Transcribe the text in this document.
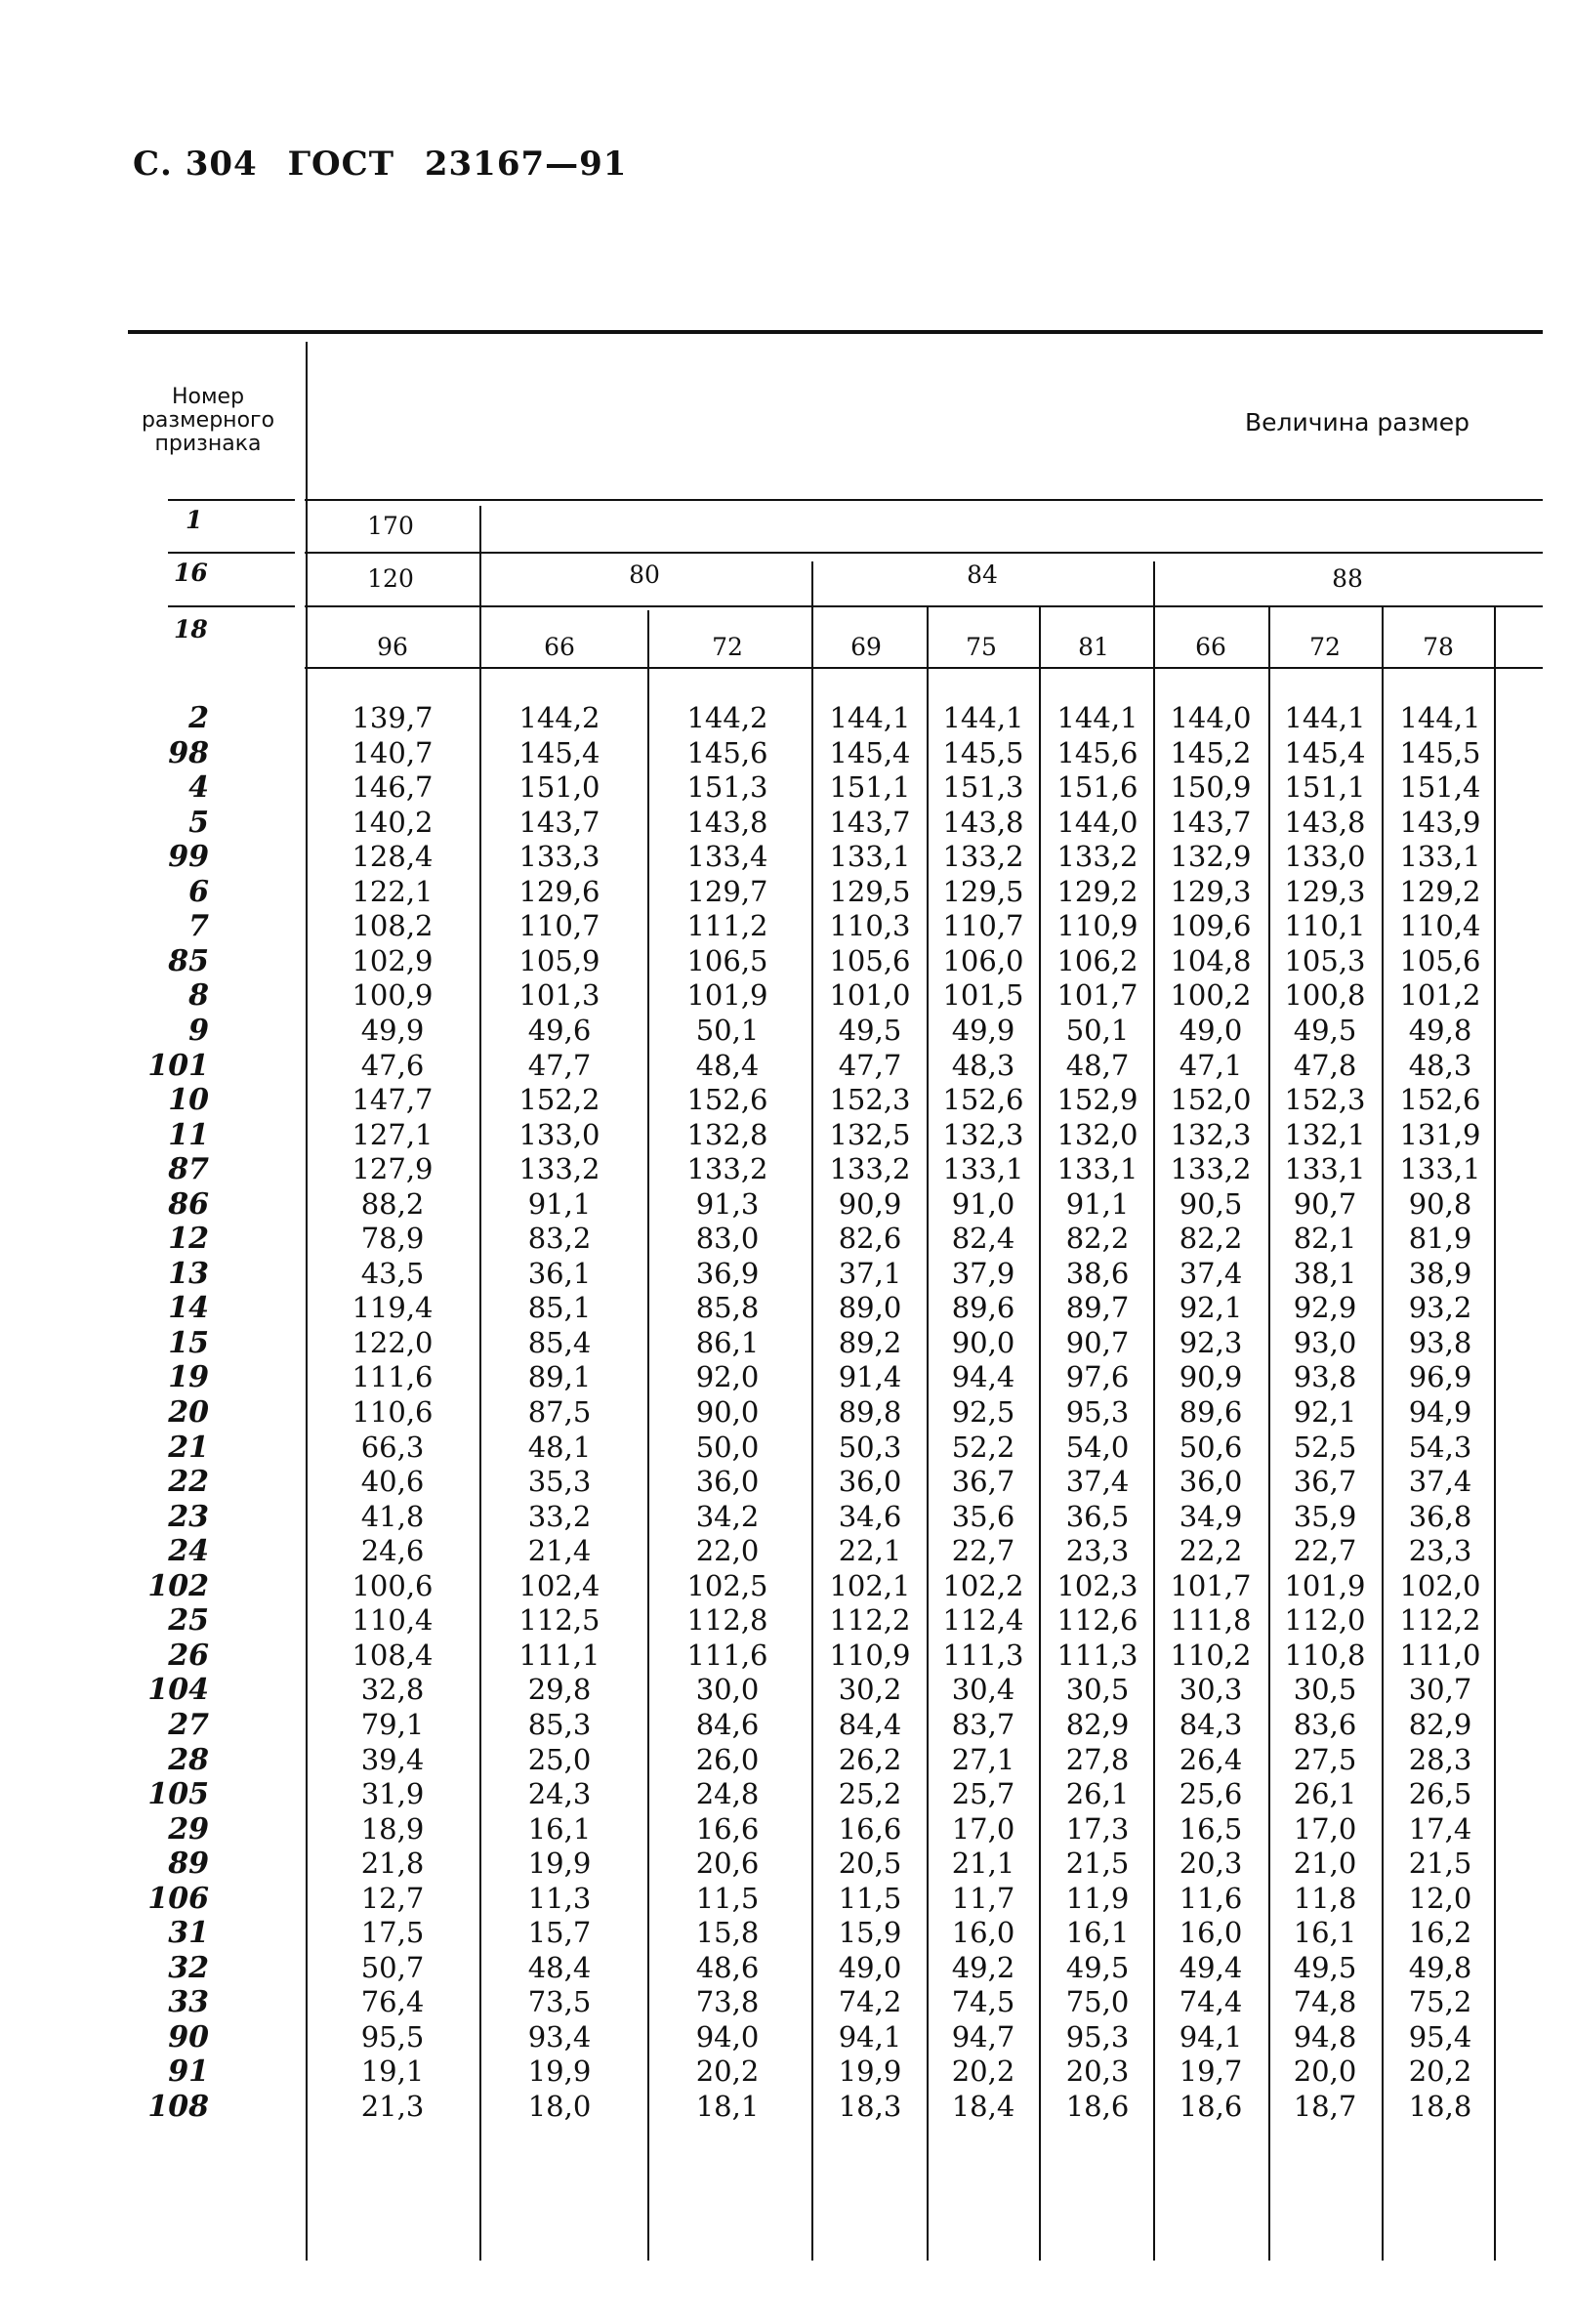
С. 304 ГОСТ 23167—91
Номер
размерного
признака
Величина размер
1
16
18
170
120	80	84	88
96	66	72	69	75	81	66	72	78
2	139,7	144,2	144,2 144,1 144,1 144,1 144,0 144,1 144,1
98	140,7	145,4	145,6 145,4 145,5 145,6 145,2 145,4 145,5
4	146,7	151,0	151,3 151,1 151,3 151,6 150,9 151,1 151,4
5	140,2	143,7	143,8 143,7 143,8 144,0 143,7 143,8 143,9
99	128,4	133,3	133,4 133,1 133,2 133,2 132,9 133,0 133,1
6	122,1	129,6	129,7 129,5 129,5 129,2 129,3 129,3 129,2
7	108,2	110,7	111,2 110,3 110,7 110,9 109,6 110,1 110,4
85	102,9	105,9	106,5 105,6 106,0 106,2 104,8 105,3 105,6
8	100,9	101,3	101,9 101,0 101,5 101,7 100,2 100,8 101,2
9	49,9	49,6	50,1	49,5 49,9 50,1 49,0 49,5 49,8
101	47,6	47,7	48,4	47,7 48,3 48,7 47,1 47,8 48,3
10	147,7	152,2	152,6 152,3 152,6 152,9 152,0 152,3 152,6
11	127,1	133,0	132,8 132,5 132,3 132,0 132,3 132,1 131,9
87	127,9	133,2	133,2 133,2 133,1 133,1 133,2 133,1 133,1
86	88,2	91,1	91,3	90,9 91,0 91,1 90,5 90,7 90,8
12	78,9	83,2	83,0	82,6 82,4 82,2 82,2 82,1 81,9
13	43,5	36,1	36,9	37,1 37,9 38,6 37,4 38,1 38,9
14	119,4	85,1	85,8	89,0 89,6 89,7 92,1 92,9 93,2
15	122,0	85,4	86,1	89,2 90,0 90,7 92,3 93,0 93,8
19	111,6	89,1	92,0	91,4 94,4 97,6 90,9 93,8 96,9
20	110,6	87,5	90,0	89,8 92,5 95,3 89,6 92,1 94,9
21	66,3	48,1	50,0	50,3 52,2 54,0 50,6 52,5 54,3
22	40,6	35,3	36,0	36,0 36,7 37,4 36,0 36,7 37,4
23	41,8	33,2	34,2	34,6 35,6 36,5 34,9 35,9 36,8
24	24,6	21,4	22,0	22,1 22,7 23,3 22,2 22,7 23,3
102	100,6	102,4	102,5 102,1 102,2 102,3 101,7 101,9 102,0
25	110,4	112,5	112,8 112,2 112,4 112,6 111,8 112,0 112,2
26	108,4	111,1	111,6 110,9 111,3 111,3 110,2 110,8 111,0
104	32,8	29,8	30,0	30,2 30,4 30,5 30,3 30,5 30,7
27	79,1	85,3	84,6	84,4 83,7 82,9 84,3 83,6 82,9
28	39,4	25,0	26,0	26,2 27,1 27,8 26,4 27,5 28,3
105	31,9	24,3	24,8	25,2 25,7 26,1 25,6 26,1 26,5
29	18,9	16,1	16,6	16,6 17,0 17,3 16,5 17,0 17,4
89	21,8	19,9	20,6	20,5 21,1 21,5 20,3 21,0 21,5
106	12,7	11,3	11,5	11,5 11,7 11,9 11,6 11,8 12,0
31	17,5	15,7	15,8	15,9 16,0 16,1 16,0 16,1 16,2
32	50,7	48,4	48,6	49,0 49,2 49,5 49,4 49,5 49,8
33	76,4	73,5	73,8	74,2 74,5 75,0 74,4 74,8 75,2
90	95,5	93,4	94,0	94,1 94,7 95,3 94,1 94,8 95,4
91	19,1	19,9	20,2	19,9 20,2 20,3 19,7 20,0 20,2
108	21,3	18,0	18,1	18,3 18,4 18,6 18,6 18,7 18,8
